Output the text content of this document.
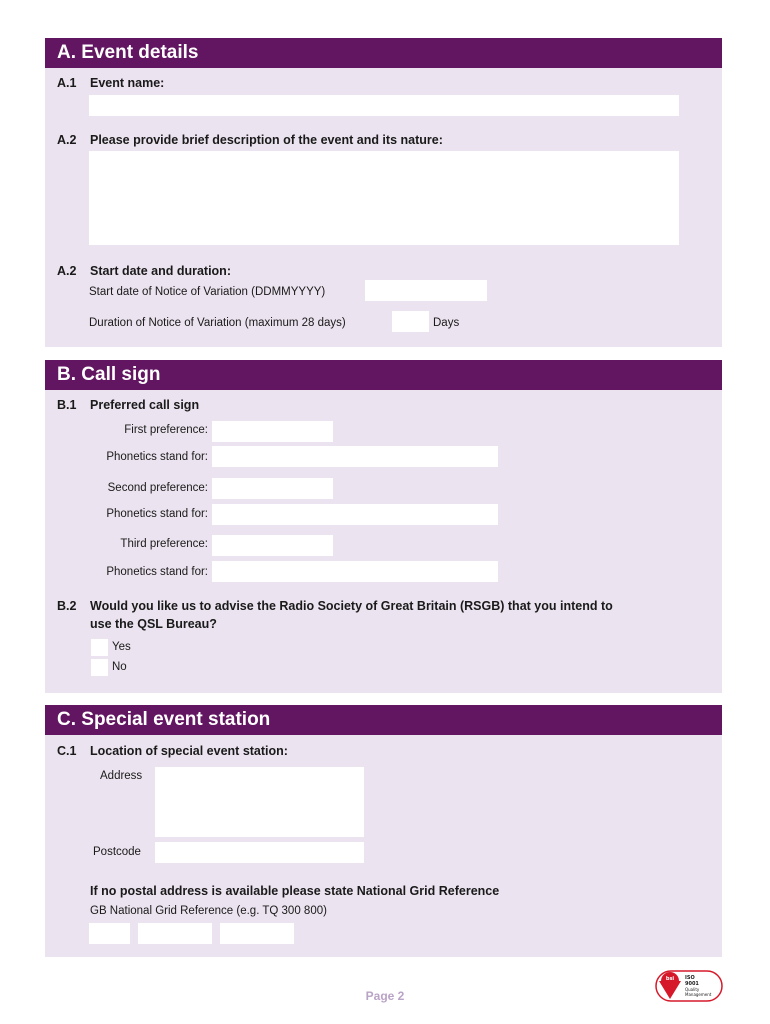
A. Event details
A.1 Event name:
A.2 Please provide brief description of the event and its nature:
A.2 Start date and duration:
Start date of Notice of Variation (DDMMYYYY)
Duration of Notice of Variation (maximum 28 days)	Days
B. Call sign
B.1 Preferred call sign
First preference:
Phonetics stand for:
Second preference:
Phonetics stand for:
Third preference:
Phonetics stand for:
B.2 Would you like us to advise the Radio Society of Great Britain (RSGB) that you intend to
use the QSL Bureau?
Yes
No
C. Special event station
C.1 Location of special event station:
Address
Postcode
If no postal address is available please state National Grid Reference
GB National Grid Reference (e.g. TQ 300 800)
Page 2
bsi ISO
9001
Quality
Management
